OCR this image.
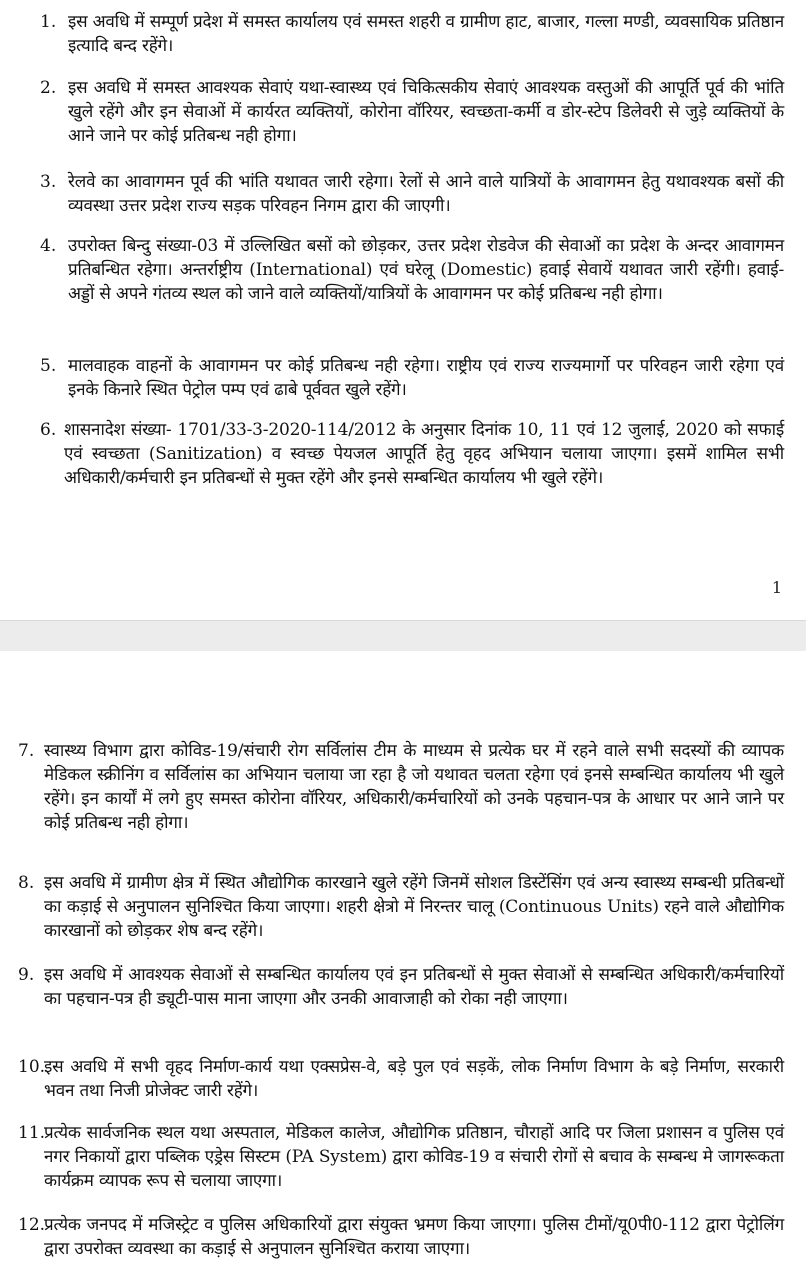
1. इस अवधि में सम्पूर्ण प्रदेश में समस्त कार्यालय एवं समस्त शहरी व ग्रामीण हाट, बाजार, गल्ला मण्डी, व्यवसायिक प्रतिष्ठान इत्यादि बन्द रहेंगे।
2. इस अवधि में समस्त आवश्यक सेवाएं यथा-स्वास्थ्य एवं चिकित्सकीय सेवाएं आवश्यक वस्तुओं की आपूर्ति पूर्व की भांति खुले रहेंगे और इन सेवाओं में कार्यरत व्यक्तियों, कोरोना वॉरियर, स्वच्छता-कर्मी व डोर-स्टेप डिलेवरी से जुड़े व्यक्तियों के आने जाने पर कोई प्रतिबन्ध नही होगा।
3. रेलवे का आवागमन पूर्व की भांति यथावत जारी रहेगा। रेलों से आने वाले यात्रियों के आवागमन हेतु यथावश्यक बसों की व्यवस्था उत्तर प्रदेश राज्य सड़क परिवहन निगम द्वारा की जाएगी।
4. उपरोक्त बिन्दु संख्या-03 में उल्लिखित बसों को छोड़कर, उत्तर प्रदेश रोडवेज की सेवाओं का प्रदेश के अन्दर आवागमन प्रतिबन्धित रहेगा। अन्तर्राष्ट्रीय (International) एवं घरेलू (Domestic) हवाई सेवायें यथावत जारी रहेंगी। हवाई-अड्डों से अपने गंतव्य स्थल को जाने वाले व्यक्तियों/यात्रियों के आवागमन पर कोई प्रतिबन्ध नही होगा।
5. मालवाहक वाहनों के आवागमन पर कोई प्रतिबन्ध नही रहेगा। राष्ट्रीय एवं राज्य राज्यमार्गो पर परिवहन जारी रहेगा एवं इनके किनारे स्थित पेट्रोल पम्प एवं ढाबे पूर्ववत खुले रहेंगे।
6. शासनादेश संख्या- 1701/33-3-2020-114/2012 के अनुसार दिनांक 10, 11 एवं 12 जुलाई, 2020 को सफाई एवं स्वच्छता (Sanitization) व स्वच्छ पेयजल आपूर्ति हेतु वृहद अभियान चलाया जाएगा। इसमें शामिल सभी अधिकारी/कर्मचारी इन प्रतिबन्धों से मुक्त रहेंगे और इनसे सम्बन्धित कार्यालय भी खुले रहेंगे।
1
7. स्वास्थ्य विभाग द्वारा कोविड-19/संचारी रोग सर्विलांस टीम के माध्यम से प्रत्येक घर में रहने वाले सभी सदस्यों की व्यापक मेडिकल स्क्रीनिंग व सर्विलांस का अभियान चलाया जा रहा है जो यथावत चलता रहेगा एवं इनसे सम्बन्धित कार्यालय भी खुले रहेंगे। इन कार्यों में लगे हुए समस्त कोरोना वॉरियर, अधिकारी/कर्मचारियों को उनके पहचान-पत्र के आधार पर आने जाने पर कोई प्रतिबन्ध नही होगा।
8. इस अवधि में ग्रामीण क्षेत्र में स्थित औद्योगिक कारखाने खुले रहेंगे जिनमें सोशल डिस्टेंसिंग एवं अन्य स्वास्थ्य सम्बन्धी प्रतिबन्धों का कड़ाई से अनुपालन सुनिश्चित किया जाएगा। शहरी क्षेत्रो में निरन्तर चालू (Continuous Units) रहने वाले औद्योगिक कारखानों को छोड़कर शेष बन्द रहेंगे।
9. इस अवधि में आवश्यक सेवाओं से सम्बन्धित कार्यालय एवं इन प्रतिबन्धों से मुक्त सेवाओं से सम्बन्धित अधिकारी/कर्मचारियों का पहचान-पत्र ही ड्यूटी-पास माना जाएगा और उनकी आवाजाही को रोका नही जाएगा।
10.
इस अवधि में सभी वृहद निर्माण-कार्य यथा एक्सप्रेस-वे, बड़े पुल एवं सड़कें, लोक निर्माण विभाग के बड़े निर्माण, सरकारी भवन तथा निजी प्रोजेक्ट जारी रहेंगे।
11.
प्रत्येक सार्वजनिक स्थल यथा अस्पताल, मेडिकल कालेज, औद्योगिक प्रतिष्ठान, चौराहों आदि पर जिला प्रशासन व पुलिस एवं नगर निकायों द्वारा पब्लिक एड्रेस सिस्टम (PA System) द्वारा कोविड-19 व संचारी रोगों से बचाव के सम्बन्ध मे जागरूकता कार्यक्रम व्यापक रूप से चलाया जाएगा।
12.
प्रत्येक जनपद में मजिस्ट्रेट व पुलिस अधिकारियों द्वारा संयुक्त भ्रमण किया जाएगा। पुलिस टीमों/यू0पी0-112 द्वारा पेट्रोलिंग द्वारा उपरोक्त व्यवस्था का कड़ाई से अनुपालन सुनिश्चित कराया जाएगा।
